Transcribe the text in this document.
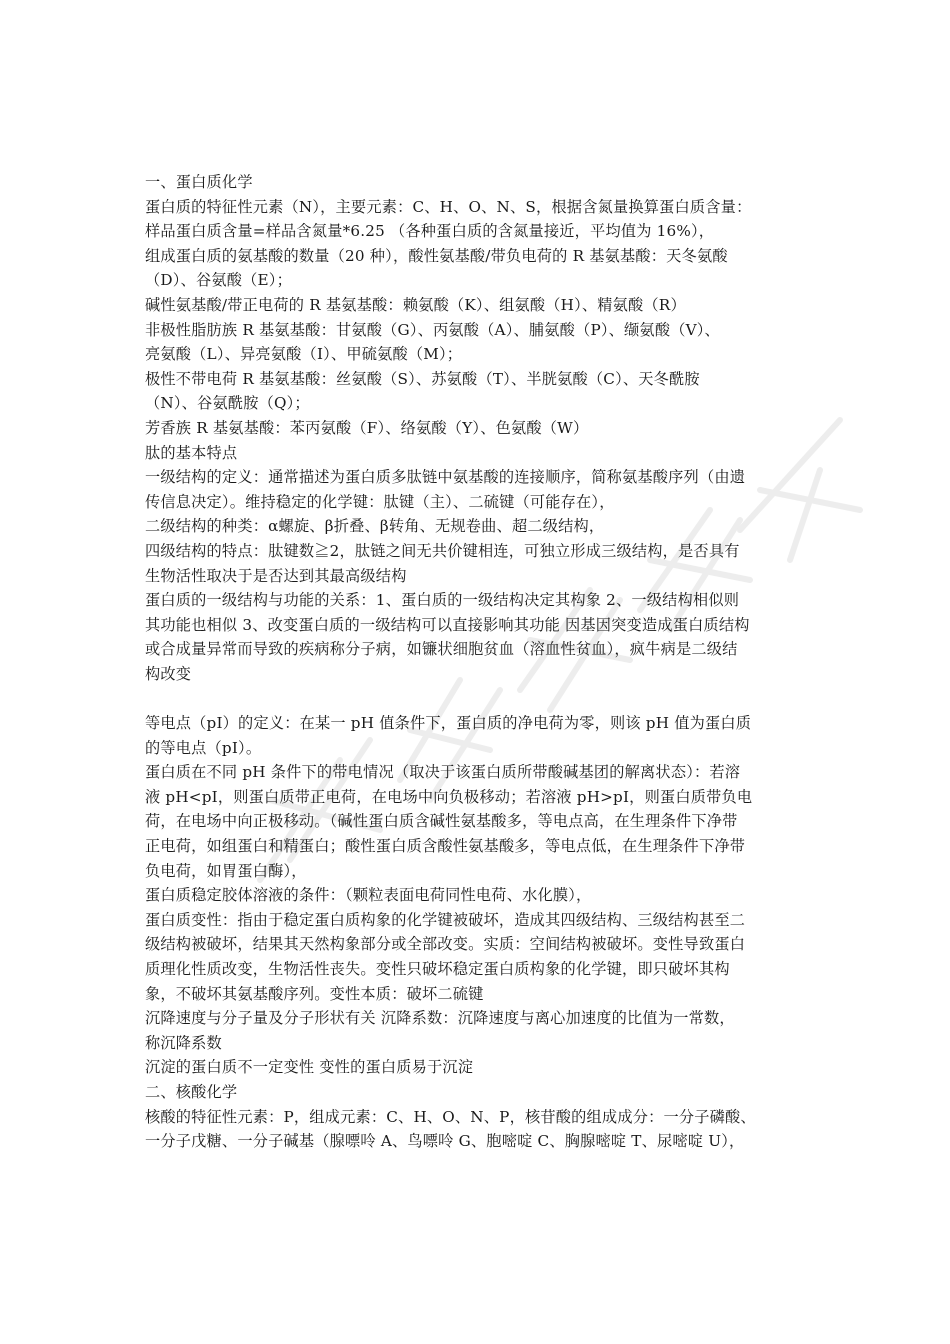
一、蛋白质化学

蛋白质的特征性元素（N），主要元素：C、H、O、N、S，根据含氮量换算蛋白质含量：

样品蛋白质含量=样品含氮量*6.25 （各种蛋白质的含氮量接近，平均值为 16%），

组成蛋白质的氨基酸的数量（20 种），酸性氨基酸/带负电荷的 R 基氨基酸：天冬氨酸

（D）、谷氨酸（E）；

碱性氨基酸/带正电荷的 R 基氨基酸：赖氨酸（K）、组氨酸（H）、精氨酸（R）

非极性脂肪族 R 基氨基酸：甘氨酸（G）、丙氨酸（A）、脯氨酸（P）、缬氨酸（V）、

亮氨酸（L）、异亮氨酸（I）、甲硫氨酸（M）；

极性不带电荷 R 基氨基酸：丝氨酸（S）、苏氨酸（T）、半胱氨酸（C）、天冬酰胺

（N）、谷氨酰胺（Q）；

芳香族 R 基氨基酸：苯丙氨酸（F）、络氨酸（Y）、色氨酸（W）

肽的基本特点

一级结构的定义：通常描述为蛋白质多肽链中氨基酸的连接顺序，简称氨基酸序列（由遗

传信息决定）。维持稳定的化学键：肽键（主）、二硫键（可能存在），

二级结构的种类：α螺旋、β折叠、β转角、无规卷曲、超二级结构，

四级结构的特点：肽键数≧2，肽链之间无共价键相连，可独立形成三级结构，是否具有

生物活性取决于是否达到其最高级结构

蛋白质的一级结构与功能的关系：1、蛋白质的一级结构决定其构象 2、一级结构相似则

其功能也相似 3、改变蛋白质的一级结构可以直接影响其功能 因基因突变造成蛋白质结构

或合成量异常而导致的疾病称分子病，如镰状细胞贫血（溶血性贫血），疯牛病是二级结

构改变

等电点（pI）的定义：在某一 pH 值条件下，蛋白质的净电荷为零，则该 pH 值为蛋白质

的等电点（pI）。

蛋白质在不同 pH 条件下的带电情况（取决于该蛋白质所带酸碱基团的解离状态）：若溶

液 pH<pI，则蛋白质带正电荷，在电场中向负极移动；若溶液 pH>pI，则蛋白质带负电

荷，在电场中向正极移动。（碱性蛋白质含碱性氨基酸多，等电点高，在生理条件下净带

正电荷，如组蛋白和精蛋白；酸性蛋白质含酸性氨基酸多，等电点低，在生理条件下净带

负电荷，如胃蛋白酶），

蛋白质稳定胶体溶液的条件：（颗粒表面电荷同性电荷、水化膜），

蛋白质变性：指由于稳定蛋白质构象的化学键被破坏，造成其四级结构、三级结构甚至二

级结构被破坏，结果其天然构象部分或全部改变。实质：空间结构被破坏。变性导致蛋白

质理化性质改变，生物活性丧失。变性只破坏稳定蛋白质构象的化学键，即只破坏其构

象，不破坏其氨基酸序列。变性本质：破坏二硫键

沉降速度与分子量及分子形状有关 沉降系数：沉降速度与离心加速度的比值为一常数，

称沉降系数

沉淀的蛋白质不一定变性 变性的蛋白质易于沉淀

二、核酸化学

核酸的特征性元素：P，组成元素：C、H、O、N、P，核苷酸的组成成分：一分子磷酸、

一分子戊糖、一分子碱基（腺嘌呤 A、鸟嘌呤 G、胞嘧啶 C、胸腺嘧啶 T、尿嘧啶 U），
